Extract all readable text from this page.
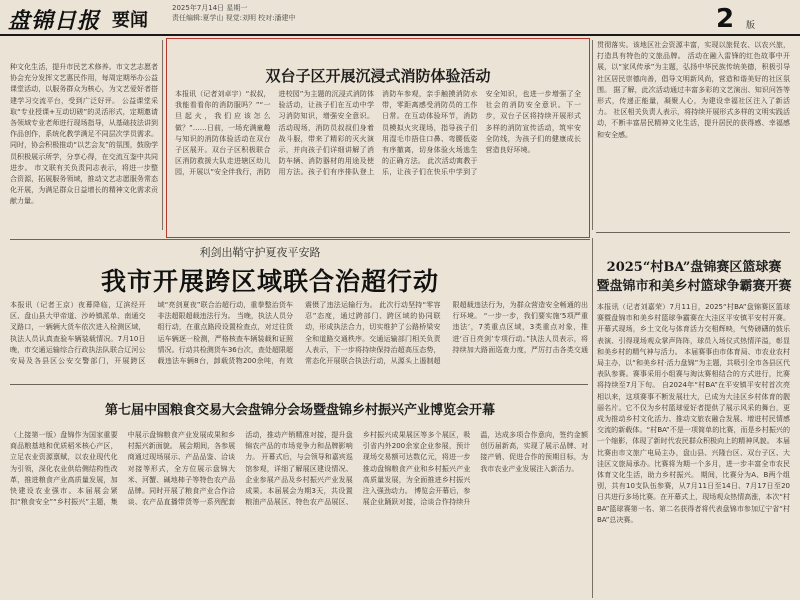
盘锦日报 要闻
2025年7月14日 星期一
责任编辑:夏学山 视觉:刘明 校对:潘建中	2 版
种文化生活，提升市民艺术修养。市文艺志愿者协会充分发挥文艺惠民作用，每周定期举办公益课堂活动，以服务群众为核心，为文艺爱好者搭建学习交流平台，受到广泛好评。 公益课堂采取“专业授课+互动切磋”的灵活形式，定期邀请各领域专业老师进行现场指导，从基础技法讲到作品创作，系统化教学满足不同层次学员需求。同时，协会积极推动“以艺会友”的氛围，鼓励学员积极展示所学，分享心得，在交流互鉴中共同进步。 市文联有关负责同志表示，将进一步整合资源，拓展服务领域，推动文艺志愿服务常态化开展，为满足群众日益增长的精神文化需求贡献力量。
双台子区开展沉浸式消防体验活动
本报讯（记者刘卓宇）“叔叔，我能看看你的消防服吗？”“一旦起火，我们应该怎么做？”……日前，一场充满童趣与知识的消防体验活动在双台子区展开。双台子区积极联合区消防救援大队走进辖区幼儿园，开展以“安全伴我行，消防进校园”为主题的沉浸式消防体验活动，让孩子们在互动中学习消防知识，增强安全意识。 活动现场，消防员叔叔们身着战斗服，带来了精彩的灭火演示，并向孩子们详细讲解了消防车辆、消防器材的用途及使用方法。孩子们有序排队登上消防车参观，亲手触摸消防水带，零距离感受消防员的工作日常。在互动体验环节，消防员模拟火灾现场，指导孩子们用湿毛巾捂住口鼻、弯腰低姿有序撤离，切身体验火场逃生的正确方法。 此次活动寓教于乐，让孩子们在快乐中学到了安全知识，也进一步增强了全社会的消防安全意识。下一步，双台子区将持续开展形式多样的消防宣传活动，筑牢安全防线，为孩子们的健康成长营造良好环境。
贯彻落实。该地区社会资源丰富，实现以旅促农、以农兴旅，打造具有特色的文旅品牌。 活动在融入雷锋的红色故事中开展，以“家风传承”为主题，弘扬中华民族传统美德，积极引导社区居民崇德向善，倡导文明新风尚，营造和谐美好的社区氛围。 据了解，此次活动通过丰富多彩的文艺演出、知识问答等形式，传递正能量，凝聚人心，为建设幸福社区注入了新活力。 社区相关负责人表示，将持续开展形式多样的文明实践活动，不断丰富居民精神文化生活，提升居民的获得感、幸福感和安全感。
利剑出鞘守护夏夜平安路
我市开展跨区域联合治超行动
本报讯（记者王京）夜幕降临，辽滨经开区、盘山县大甲帝道、沙岭镇派单、南通交叉路口，一辆辆大货车依次进入检测区域，执法人员认真查验车辆装载情况。7月10日晚，市交通运输综合行政执法队联合辽河公安局及各县区公安交警部门，开展跨区域“亮剑夏夜”联合治超行动，重拳整治货车非法超限超载违法行为。 当晚，执法人员分组行动，在重点路段设置检查点，对过往货运车辆逐一检测，严格核查车辆装载和证照情况。行动共检测货车36台次，查处超限超载违法车辆8台，卸载货物200余吨，有效震慑了违法运输行为。 此次行动坚持“零容忍”态度，通过跨部门、跨区域的协同联动，形成执法合力，切实维护了公路桥梁安全和道路交通秩序。交通运输部门相关负责人表示，下一步将持续保持治超高压态势，常态化开展联合执法行动，从源头上遏制超限超载违法行为，为群众营造安全畅通的出行环境。 “一步一步，我们要实施‘5项严重违法’，7类重点区域，3类重点对象，推进‘百日亮剑’专项行动。”执法人员表示，将持续加大路面巡查力度，严厉打击各类交通
2025“村BA”盘锦赛区篮球赛
暨盘锦市和美乡村篮球争霸赛开赛
本报讯（记者刘嘉荣）7月11日，2025“村BA”盘锦赛区篮球赛暨盘锦市和美乡村篮球争霸赛在大洼区平安镇平安村开赛。 开幕式现场，乡土文化与体育活力交相辉映，气势磅礴的鼓乐表演、引得现场观众掌声阵阵，球员入场仪式热情洋溢，彰显和美乡村的精气神与活力。 本届赛事由市体育局、市农业农村局主办，以“和美乡村·活力盘锦”为主题，共吸引全市各县区代表队参赛。赛事采用小组赛与淘汰赛相结合的方式进行，比赛将持续至7月下旬。 自2024年“村BA”在平安镇平安村首次亮相以来，这项赛事不断发展壮大，已成为大洼区乡村体育的靓丽名片。它不仅为乡村篮球爱好者提供了展示风采的舞台，更成为推动乡村文化活力、推动文旅农融合发展、增进村民情感交流的新载体。“村BA”不是一项简单的比赛，而是乡村振兴的一个缩影，体现了新时代农民群众积极向上的精神风貌。 本届比赛由市文旅广电局主办，盘山县、兴隆台区、双台子区、大洼区文旅局承办。比赛将为期一个多月，进一步丰富全市农民体育文化生活，助力乡村振兴。 期间，比赛分为A、B两个组别，共有10支队伍参赛，从7月11日至14日、7月17日至20日共进行多场比赛。在开幕式上，现场观众热情高涨，本次“村BA”篮球赛第一名、第二名获得者将代表盘锦市参加辽宁省“村BA”总决赛。
第七届中国粮食交易大会盘锦分会场暨盘锦乡村振兴产业博览会开幕
（上接第一版）盘锦作为国家重要商品粮基地和优质稻米核心产区，立足农业资源禀赋，以农业现代化为引领，深化农业供给侧结构性改革，推进粮食产业高质量发展，加快建设农业强市。本届展会紧扣“粮食安全”“乡村振兴”主题，集中展示盘锦粮食产业发展成果和乡村振兴新面貌。 展会期间，各参展商通过现场展示、产品品鉴、洽谈对接等形式，全方位展示盘锦大米、河蟹、碱地柿子等特色农产品品牌。同时开展了粮食产业合作洽谈、农产品直播带货等一系列配套活动，推动产销精准对接，提升盘锦农产品的市场竞争力和品牌影响力。 开幕式后，与会领导和嘉宾巡馆参观，详细了解展区建设情况、企业参展产品及乡村振兴产业发展成果。本届展会为期3天，共设置粮油产品展区、特色农产品展区、乡村振兴成果展区等多个展区，吸引省内外200余家企业参展，预计现场交易额可达数亿元，将进一步推动盘锦粮食产业和乡村振兴产业高质量发展，为全面推进乡村振兴注入强劲动力。 博览会开幕后，参展企业踊跃对接，洽谈合作持续升温，达成多项合作意向，签约金额创历届新高，实现了展示品牌、对接产销、促进合作的预期目标，为我市农业产业发展注入新活力。
